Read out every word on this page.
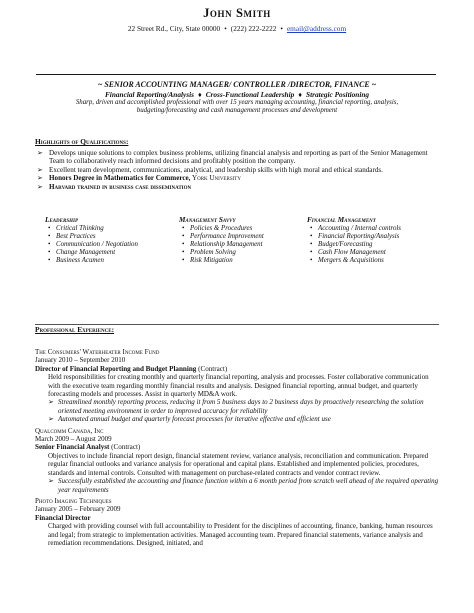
John Smith
22 Street Rd., City, State 00000 • (222) 222-2222 • email@address.com
~ SENIOR ACCOUNTING MANAGER/ CONTROLLER /DIRECTOR, FINANCE ~
Financial Reporting/Analysis ♦ Cross-Functional Leadership ♦ Strategic Positioning
Sharp, driven and accomplished professional with over 15 years managing accounting, financial reporting, analysis,
budgeting/forecasting and cash management processes and development
Highlights of Qualifications:
➢ Develops unique solutions to complex business problems, utilizing financial analysis and reporting as part of the Senior Management Team to collaboratively reach informed decisions and profitably position the company.
➢ Excellent team development, communications, analytical, and leadership skills with high moral and ethical standards.
➢ Honors Degree in Mathematics for Commerce, York University
➢ Harvard trained in business case dissemination
Leadership
• Critical Thinking
• Best Practices
• Communication / Negotiation
• Change Management
• Business Acumen
Management Savvy
• Policies & Procedures
• Performance Improvement
• Relationship Management
• Problem Solving
• Risk Mitigation
Financial Management
• Accounting / Internal controls
• Financial Reporting/Analysis
• Budget/Forecasting
• Cash Flow Management
• Mergers & Acquisitions
Professional Experience:
The Consumers' Waterheater Income Fund
January 2010 – September 2010
Director of Financial Reporting and Budget Planning (Contract)
Held responsibilities for creating monthly and quarterly financial reporting, analysis and processes. Foster collaborative communication with the executive team regarding monthly financial results and analysis. Designed financial reporting, annual budget, and quarterly forecasting models and processes. Assist in quarterly MD&A work.
➢ Streamlined monthly reporting process, reducing it from 5 business days to 2 business days by proactively researching the solution oriented meeting environment in order to improved accuracy for reliability
➢ Automated annual budget and quarterly forecast processes for iterative effective and efficient use
Qualcomm Canada, Inc
March 2009 – August 2009
Senior Financial Analyst (Contract)
Objectives to include financial report design, financial statement review, variance analysis, reconciliation and communication. Prepared regular financial outlooks and variance analysis for operational and capital plans. Established and implemented policies, procedures, standards and internal controls. Consulted with management on purchase-related contracts and vendor contract review.
➢ Successfully established the accounting and finance function within a 6 month period from scratch well ahead of the required operating year requirements
Photo Imaging Techniques
January 2005 – February 2009
Financial Director
Charged with providing counsel with full accountability to President for the disciplines of accounting, finance, banking, human resources and legal; from strategic to implementation activities. Managed accounting team. Prepared financial statements, variance analysis and remediation recommendations. Designed, initiated, and
